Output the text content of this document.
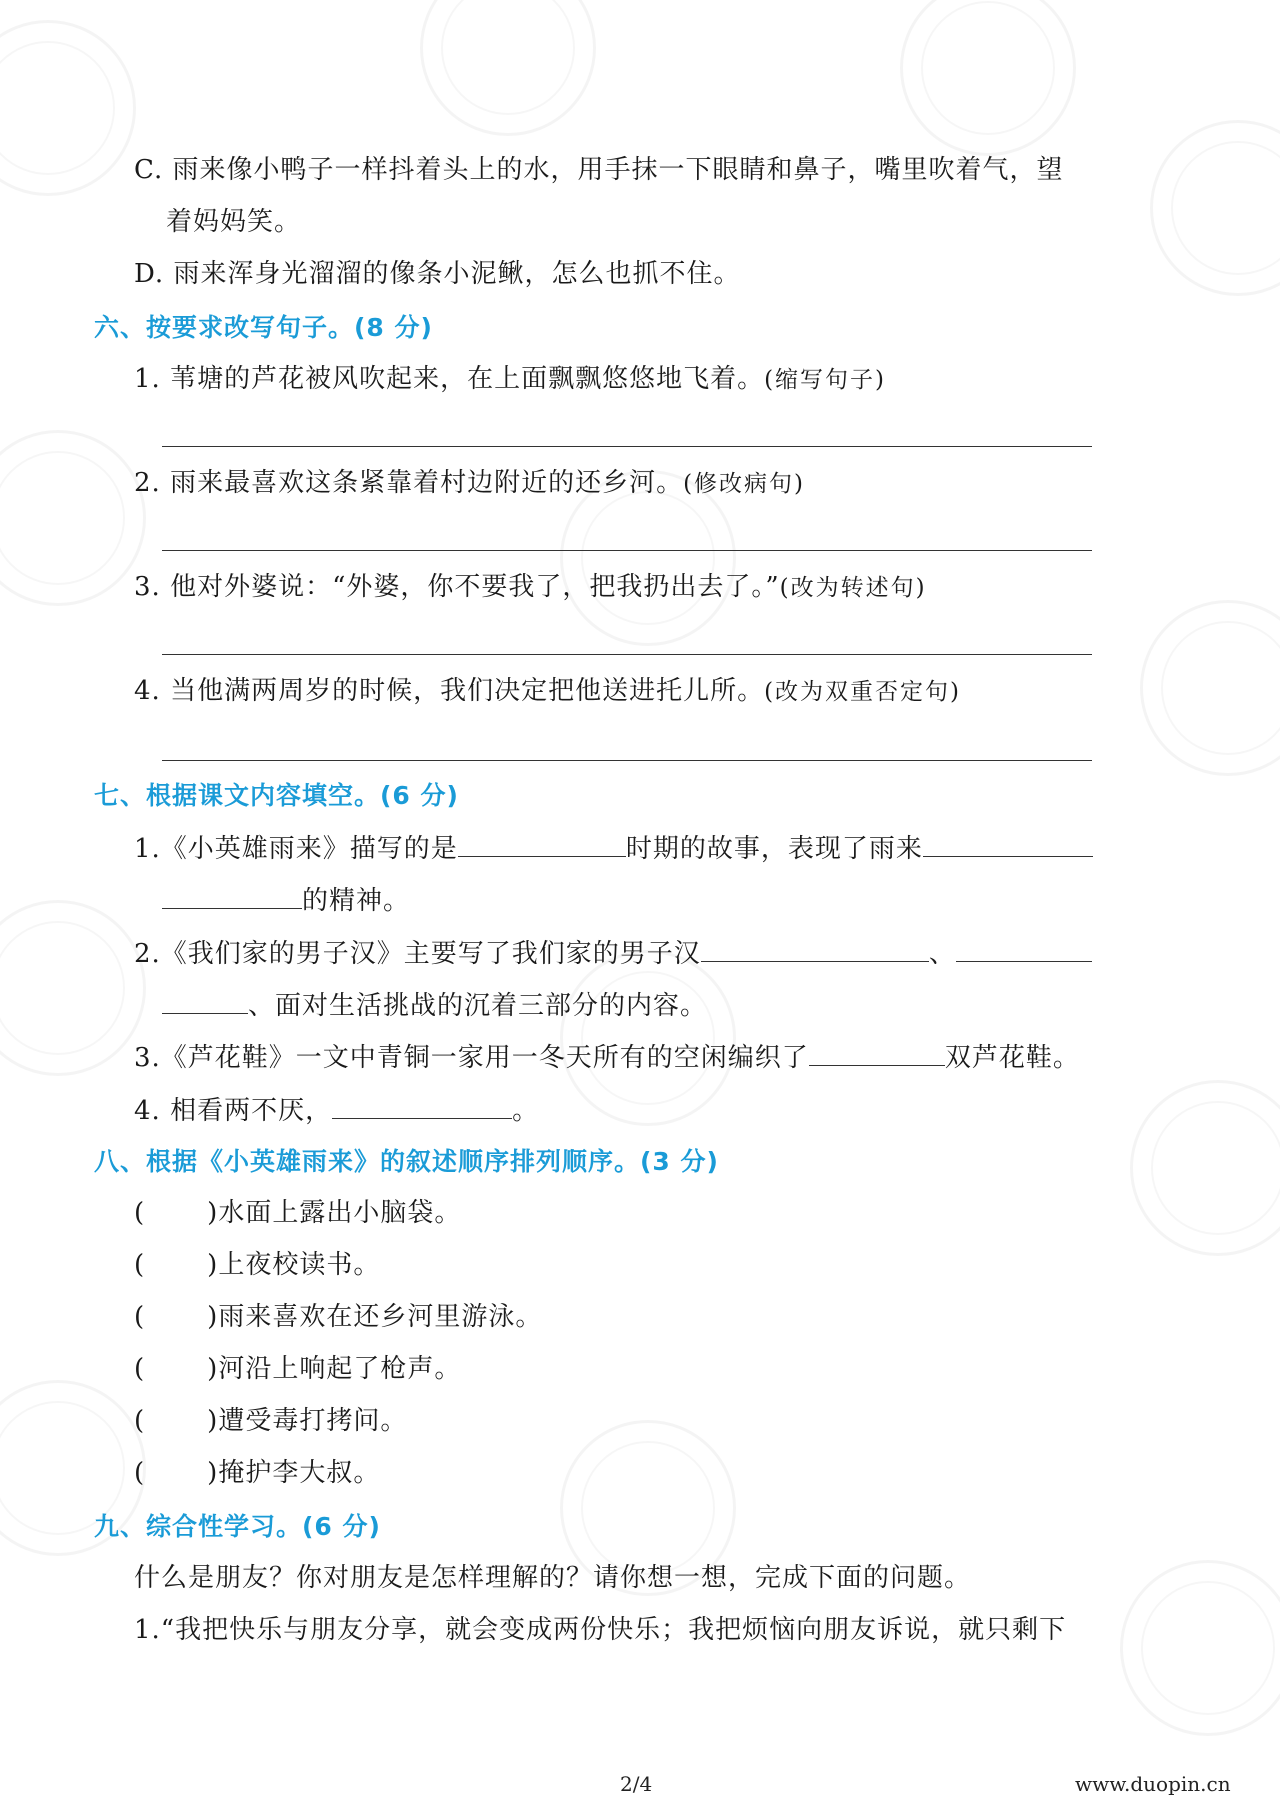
C. 雨来像小鸭子一样抖着头上的水，用手抹一下眼睛和鼻子，嘴里吹着气，望
着妈妈笑。
D. 雨来浑身光溜溜的像条小泥鳅，怎么也抓不住。
六、按要求改写句子。(8 分)
1. 苇塘的芦花被风吹起来，在上面飘飘悠悠地飞着。(缩写句子)
2. 雨来最喜欢这条紧靠着村边附近的还乡河。(修改病句)
3. 他对外婆说：“外婆，你不要我了，把我扔出去了。”(改为转述句)
4. 当他满两周岁的时候，我们决定把他送进托儿所。(改为双重否定句)
七、根据课文内容填空。(6 分)
1.《小英雄雨来》描写的是	时期的故事，表现了雨来
的精神。
2.《我们家的男子汉》主要写了我们家的男子汉	、
、面对生活挑战的沉着三部分的内容。
3.《芦花鞋》一文中青铜一家用一冬天所有的空闲编织了	双芦花鞋。
4. 相看两不厌，	。
八、根据《小英雄雨来》的叙述顺序排列顺序。(3 分)
( )水面上露出小脑袋。
( )上夜校读书。
( )雨来喜欢在还乡河里游泳。
( )河沿上响起了枪声。
( )遭受毒打拷问。
( )掩护李大叔。
九、综合性学习。(6 分)
什么是朋友？你对朋友是怎样理解的？请你想一想，完成下面的问题。
1.“我把快乐与朋友分享，就会变成两份快乐；我把烦恼向朋友诉说，就只剩下
2/4	www.duopin.cn
